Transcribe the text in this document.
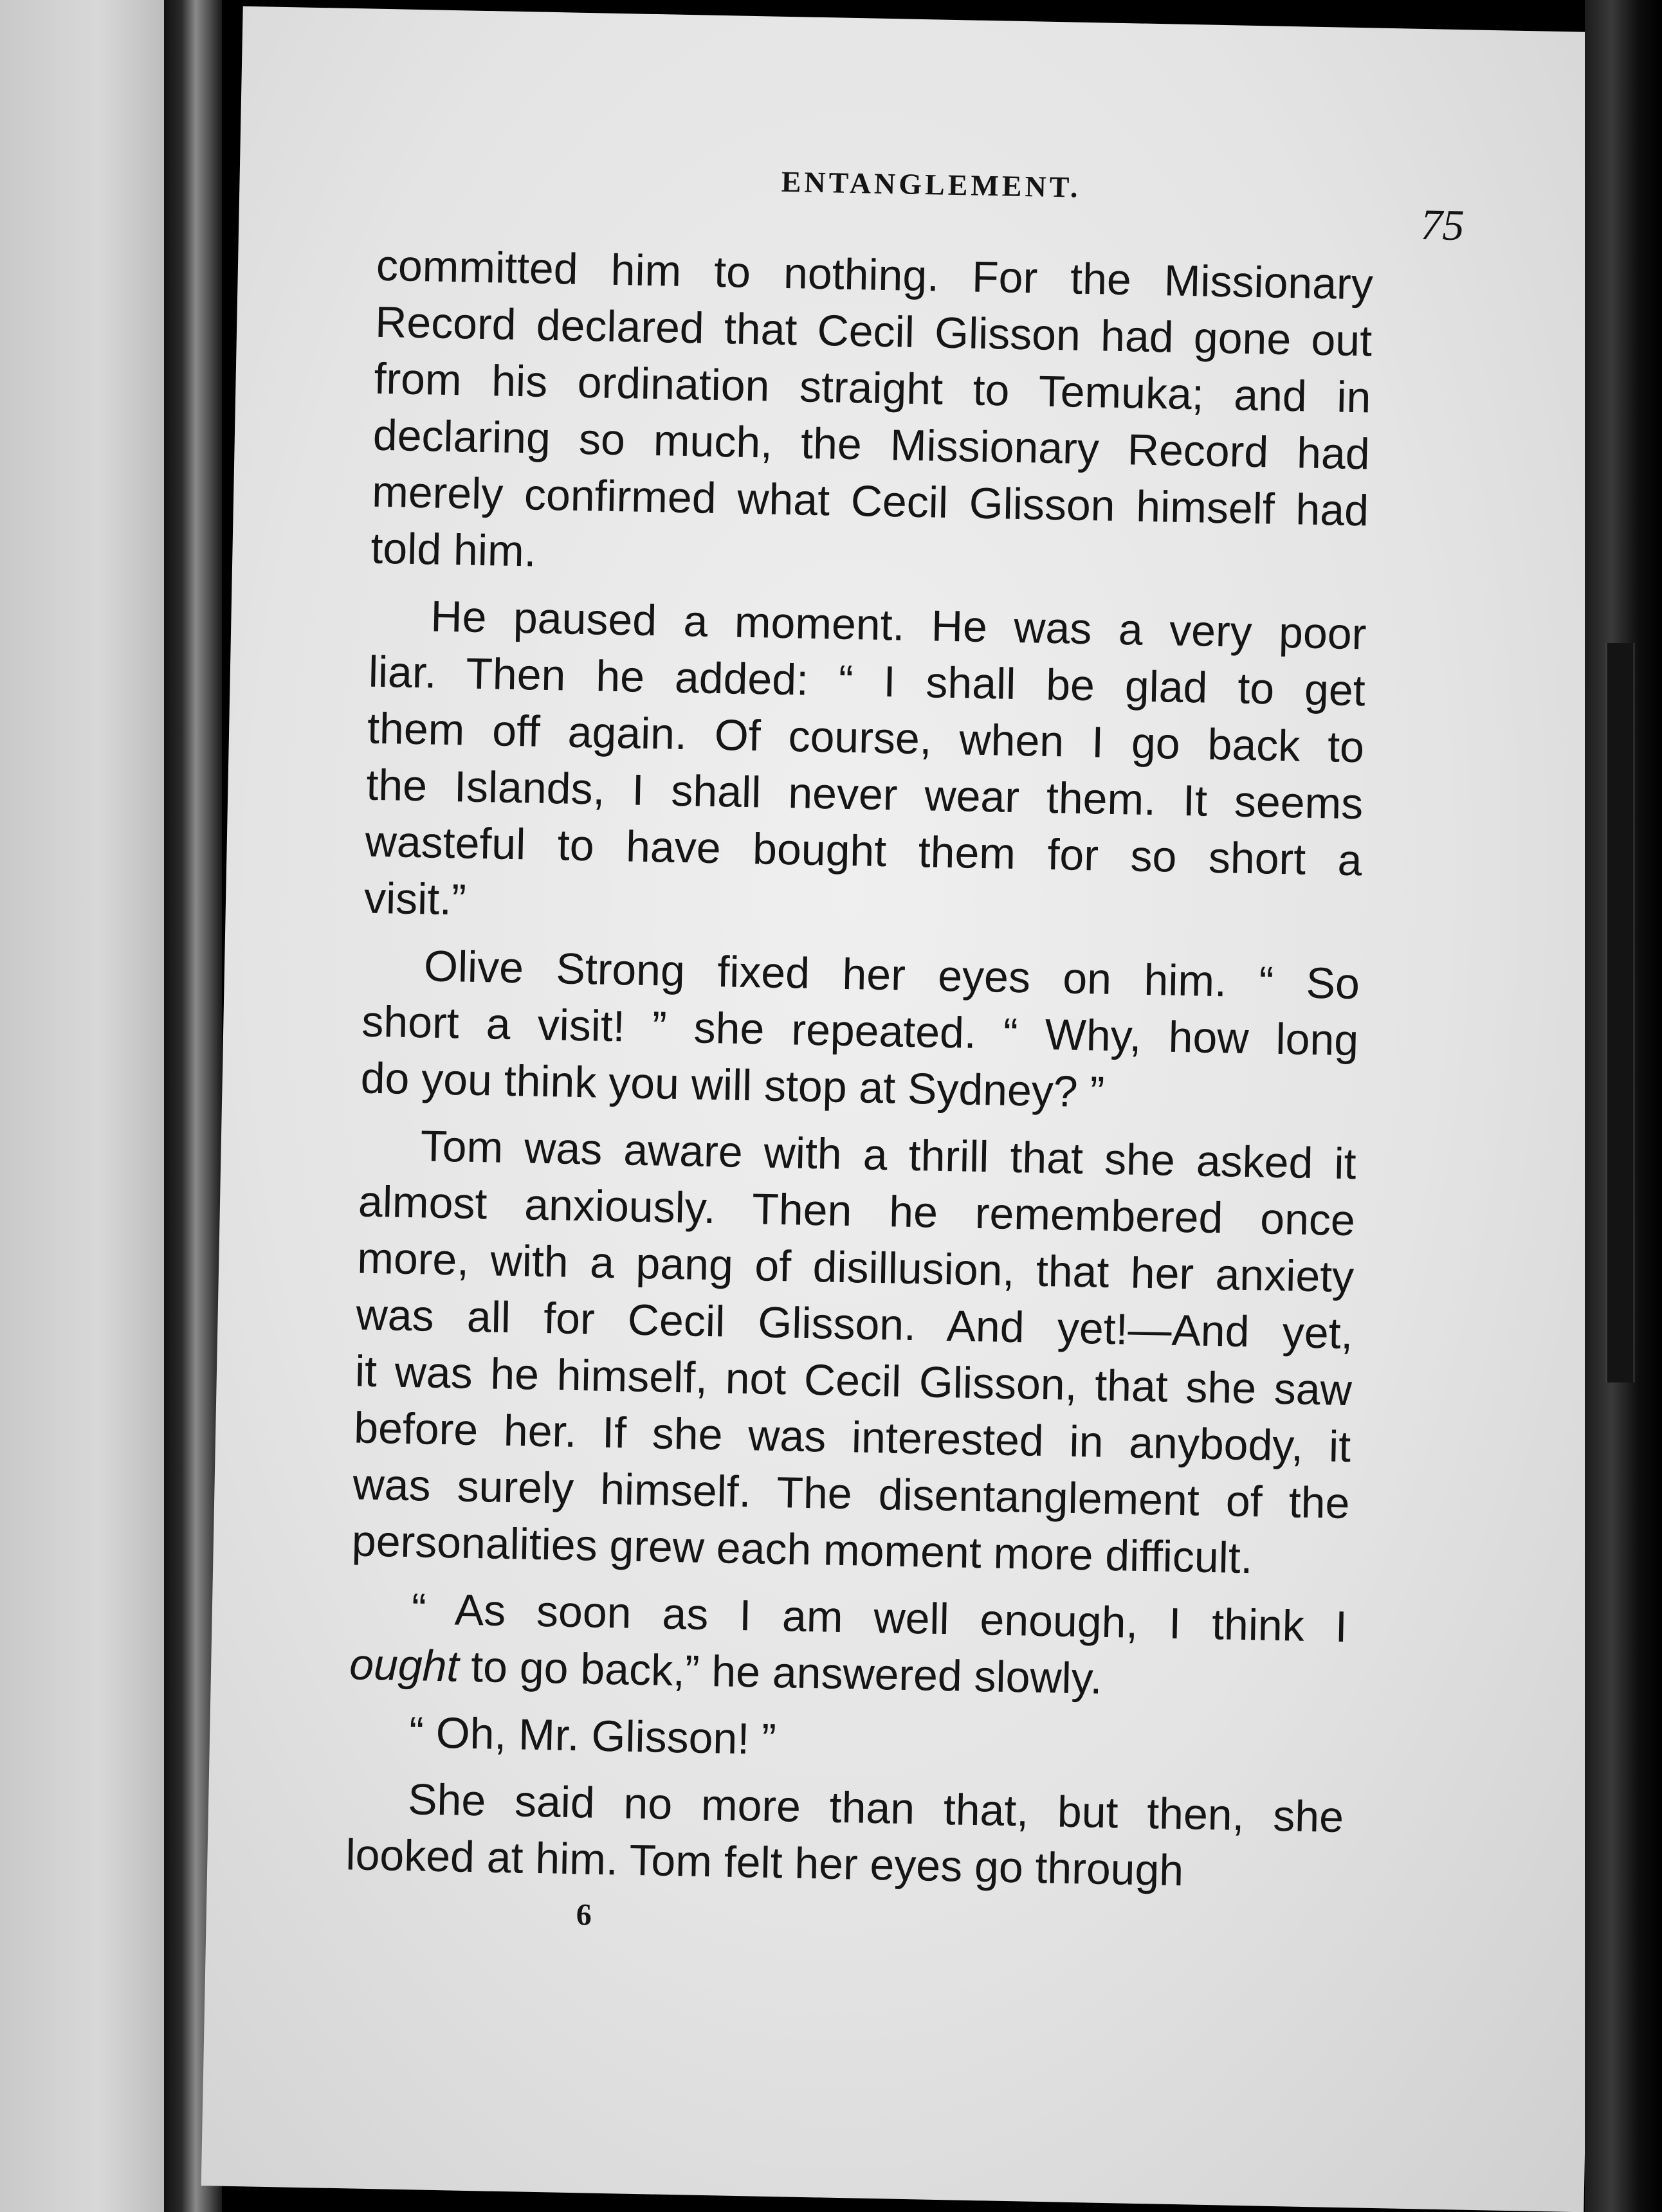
ENTANGLEMENT.
75
committed him to nothing. For the Missionary
Record declared that Cecil Glisson had gone out
from his ordination straight to Temuka; and in
declaring so much, the Missionary Record had
merely confirmed what Cecil Glisson himself had
told him.
He paused a moment. He was a very poor
liar. Then he added: “ I shall be glad to get
them off again. Of course, when I go back to
the Islands, I shall never wear them. It seems
wasteful to have bought them for so short a
visit.”
Olive Strong fixed her eyes on him. “ So
short a visit! ” she repeated. “ Why, how long
do you think you will stop at Sydney? ”
Tom was aware with a thrill that she asked it
almost anxiously. Then he remembered once
more, with a pang of disillusion, that her anxiety
was all for Cecil Glisson. And yet!—And yet,
it was he himself, not Cecil Glisson, that she saw
before her. If she was interested in anybody, it
was surely himself. The disentanglement of the
personalities grew each moment more difficult.
“ As soon as I am well enough, I think I
ought to go back,” he answered slowly.
“ Oh, Mr. Glisson! ”
She said no more than that, but then, she
looked at him. Tom felt her eyes go through
6
